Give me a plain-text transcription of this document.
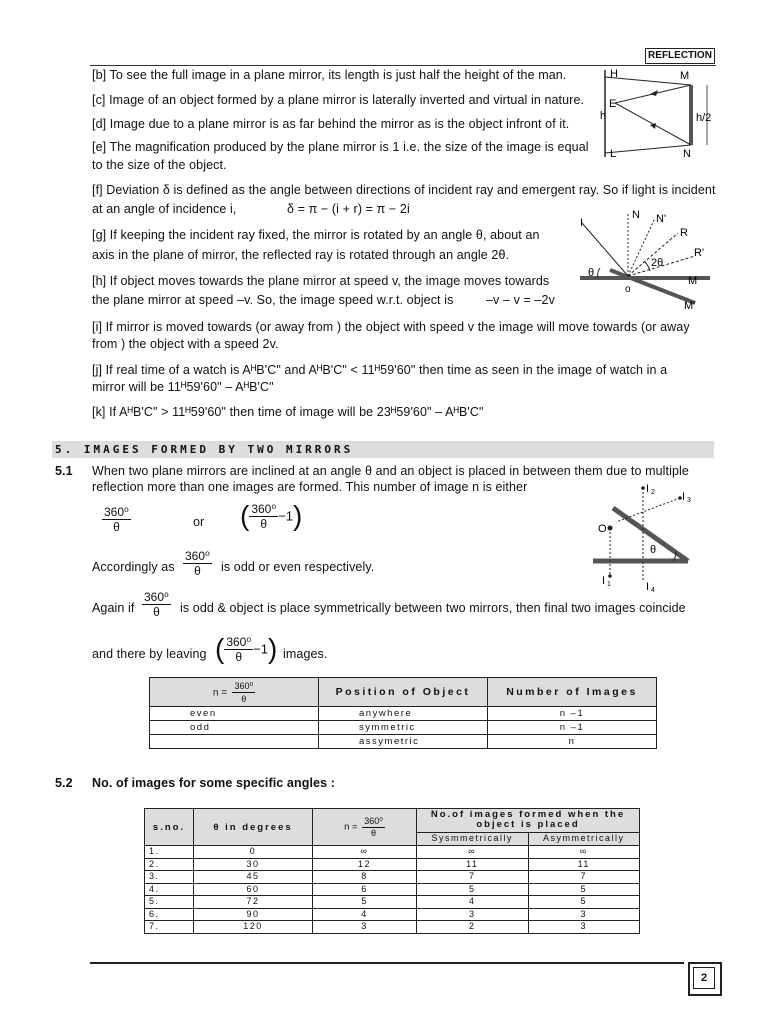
REFLECTION
[b] To see the full image in a plane mirror, its length is just half the height of the man.
[c] Image of an object formed by a plane mirror is laterally inverted and virtual in nature.
[d] Image due to a plane mirror is as far behind the mirror as is the object infront of it.
[e] The magnification produced by the plane mirror is 1 i.e. the size of the image is equal
to the size of the object.
H	M
E
h	h/2
L	N
[f] Deviation δ is defined as the angle between directions of incident ray and emergent ray. So if light is incident
at an angle of incidence i,	δ = π − (i + r) = π − 2i
[g] If keeping the incident ray fixed, the mirror is rotated by an angle θ, about an
axis in the plane of mirror, the reflected ray is rotated through an angle 2θ.
[h] If object moves towards the plane mirror at speed v, the image moves towards
the plane mirror at speed –v. So, the image speed w.r.t. object is	–v – v = –2v
I
N N'
R
R'
θ
2θ
M
M'
o
[i] If mirror is moved towards (or away from ) the object with speed v the image will move towards (or away
from ) the object with a speed 2v.
[j] If real time of a watch is AᴴB'C" and AᴴB'C" < 11ᴴ59'60" then time as seen in the image of watch in a
mirror will be 11ᴴ59'60" – AᴴB'C"
[k] If AᴴB'C" > 11ᴴ59'60" then time of image will be 23ᴴ59'60" – AᴴB'C"
5. IMAGES FORMED BY TWO MIRRORS
5.1 When two plane mirrors are inclined at an angle θ and an object is placed in between them due to multiple
reflection more than one images are formed. This number of image n is either
$\frac{\text{360⁰}}{\theta}$	or ( $\frac{\text{360⁰}}{\theta} -1$)
Accordingly as $\frac{\text{360⁰}}{\theta}$ is odd or even respectively.
Again if $\frac{\text{360⁰}}{\theta}$ is odd & object is place symmetrically between two mirrors, then final two images coincide
and there by leaving ( $\frac{\text{360⁰}}{\theta} -1$) images.
O
θ
I 2 I 3
I 1	I 4
$n = \frac{\text{360⁰}}{\theta}$	Position of Object	Number of Images
even	anywhere	n –1
odd	symmetric	n –1
	assymetric	n
5.2 No. of images for some specific angles :
s.no.	θ in degrees	$n = \frac{\text{360⁰}}{\theta}$	No.of images formed when the object is placed	
			Sysmmetrically	Asymmetrically
1.	0	∞	∞	∞
2.	30	12	11	11
3.	45	8	7	7
4.	60	6	5	5
5.	72	5	4	5
6.	90	4	3	3
7.	120	3	2	3
2
